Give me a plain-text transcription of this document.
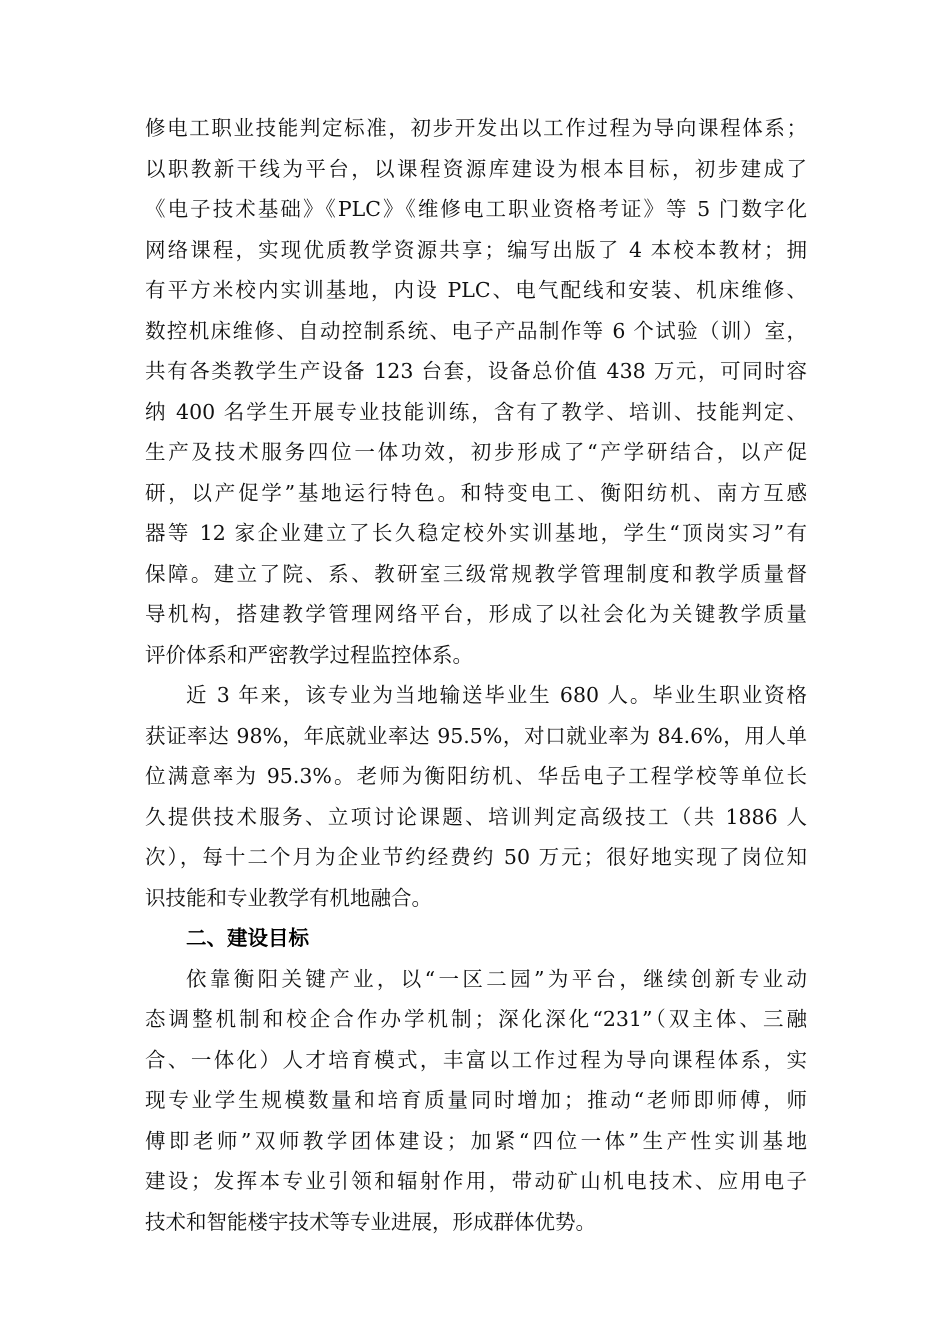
修电工职业技能判定标准，初步开发出以工作过程为导向课程体系；
以职教新干线为平台，以课程资源库建设为根本目标，初步建成了
《电子技术基础》《PLC》《维修电工职业资格考证》等 5 门数字化
网络课程，实现优质教学资源共享；编写出版了 4 本校本教材；拥
有平方米校内实训基地，内设 PLC、电气配线和安装、机床维修、
数控机床维修、自动控制系统、电子产品制作等 6 个试验（训）室，
共有各类教学生产设备 123 台套，设备总价值 438 万元，可同时容
纳 400 名学生开展专业技能训练，含有了教学、培训、技能判定、
生产及技术服务四位一体功效，初步形成了“产学研结合，以产促
研，以产促学”基地运行特色。和特变电工、衡阳纺机、南方互感
器等 12 家企业建立了长久稳定校外实训基地，学生“顶岗实习”有
保障。建立了院、系、教研室三级常规教学管理制度和教学质量督
导机构，搭建教学管理网络平台，形成了以社会化为关键教学质量
评价体系和严密教学过程监控体系。
近 3 年来，该专业为当地输送毕业生 680 人。毕业生职业资格
获证率达 98%，年底就业率达 95.5%，对口就业率为 84.6%，用人单
位满意率为 95.3%。老师为衡阳纺机、华岳电子工程学校等单位长
久提供技术服务、立项讨论课题、培训判定高级技工（共 1886 人
次），每十二个月为企业节约经费约 50 万元；很好地实现了岗位知
识技能和专业教学有机地融合。
二、建设目标
依靠衡阳关键产业，以“一区二园”为平台，继续创新专业动
态调整机制和校企合作办学机制；深化深化“231”（双主体、三融
合、一体化）人才培育模式，丰富以工作过程为导向课程体系，实
现专业学生规模数量和培育质量同时增加；推动“老师即师傅，师
傅即老师”双师教学团体建设；加紧“四位一体”生产性实训基地
建设；发挥本专业引领和辐射作用，带动矿山机电技术、应用电子
技术和智能楼宇技术等专业进展，形成群体优势。
